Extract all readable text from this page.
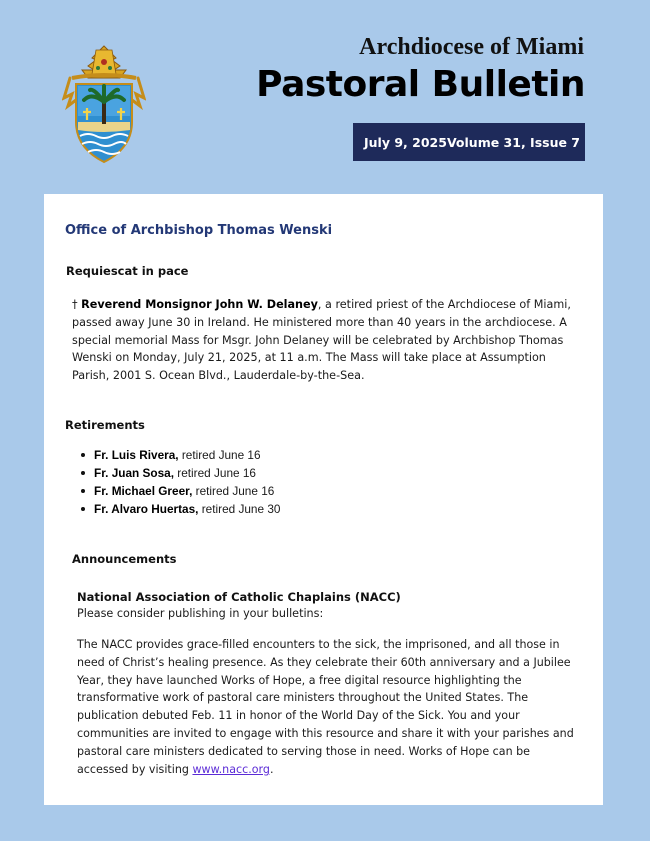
Archdiocese of Miami
Pastoral Bulletin
July 9, 2025 Volume 31, Issue 7
Office of Archbishop Thomas Wenski
Requiescat in pace
† Reverend Monsignor John W. Delaney, a retired priest of the Archdiocese of Miami, passed away June 30 in Ireland. He ministered more than 40 years in the archdiocese. A special memorial Mass for Msgr. John Delaney will be celebrated by Archbishop Thomas Wenski on Monday, July 21, 2025, at 11 a.m. The Mass will take place at Assumption Parish, 2001 S. Ocean Blvd., Lauderdale-by-the-Sea.
Retirements
Fr. Luis Rivera, retired June 16
Fr. Juan Sosa, retired June 16
Fr. Michael Greer, retired June 16
Fr. Alvaro Huertas, retired June 30
Announcements
National Association of Catholic Chaplains (NACC)
Please consider publishing in your bulletins:
The NACC provides grace-filled encounters to the sick, the imprisoned, and all those in need of Christ’s healing presence. As they celebrate their 60th anniversary and a Jubilee Year, they have launched Works of Hope, a free digital resource highlighting the transformative work of pastoral care ministers throughout the United States. The publication debuted Feb. 11 in honor of the World Day of the Sick. You and your communities are invited to engage with this resource and share it with your parishes and pastoral care ministers dedicated to serving those in need. Works of Hope can be accessed by visiting www.nacc.org.
